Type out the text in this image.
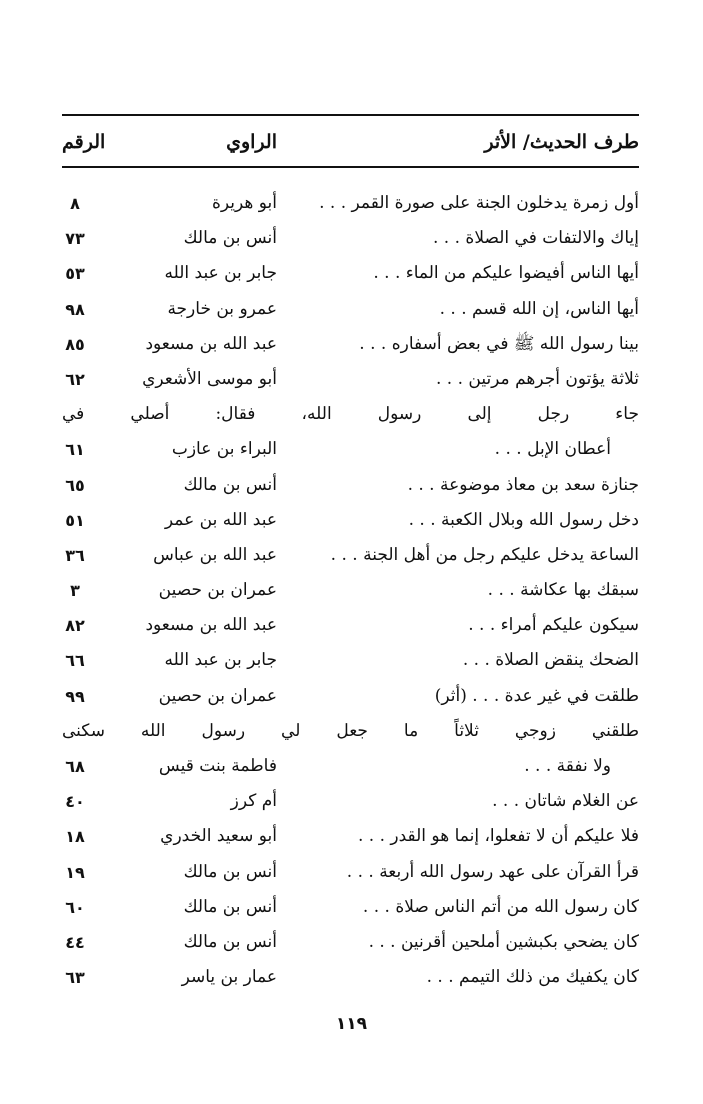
طرف الحديث/ الأثر
الراوي
الرقم
أول زمرة يدخلون الجنة على صورة القمر . . .
أبو هريرة
٨
إياك والالتفات في الصلاة . . .
أنس بن مالك
٧٣
أيها الناس أفيضوا عليكم من الماء . . .
جابر بن عبد الله
٥٣
أيها الناس، إن الله قسم . . .
عمرو بن خارجة
٩٨
بينا رسول الله ﷺ في بعض أسفاره . . .
عبد الله بن مسعود
٨٥
ثلاثة يؤتون أجرهم مرتين . . .
أبو موسى الأشعري
٦٢
جاء رجل إلى رسول الله، فقال: أصلي في
أعطان الإبل . . .
البراء بن عازب
٦١
جنازة سعد بن معاذ موضوعة . . .
أنس بن مالك
٦٥
دخل رسول الله وبلال الكعبة . . .
عبد الله بن عمر
٥١
الساعة يدخل عليكم رجل من أهل الجنة . . .
عبد الله بن عباس
٣٦
سبقك بها عكاشة . . .
عمران بن حصين
٣
سيكون عليكم أمراء . . .
عبد الله بن مسعود
٨٢
الضحك ينقض الصلاة . . .
جابر بن عبد الله
٦٦
طلقت في غير عدة . . . (أثر)
عمران بن حصين
٩٩
طلقني زوجي ثلاثاً ما جعل لي رسول الله سكنى
ولا نفقة . . .
فاطمة بنت قيس
٦٨
عن الغلام شاتان . . .
أم كرز
٤٠
فلا عليكم أن لا تفعلوا، إنما هو القدر . . .
أبو سعيد الخدري
١٨
قرأ القرآن على عهد رسول الله أربعة . . .
أنس بن مالك
١٩
كان رسول الله من أتم الناس صلاة . . .
أنس بن مالك
٦٠
كان يضحي بكبشين أملحين أقرنين . . .
أنس بن مالك
٤٤
كان يكفيك من ذلك التيمم . . .
عمار بن ياسر
٦٣
١١٩
